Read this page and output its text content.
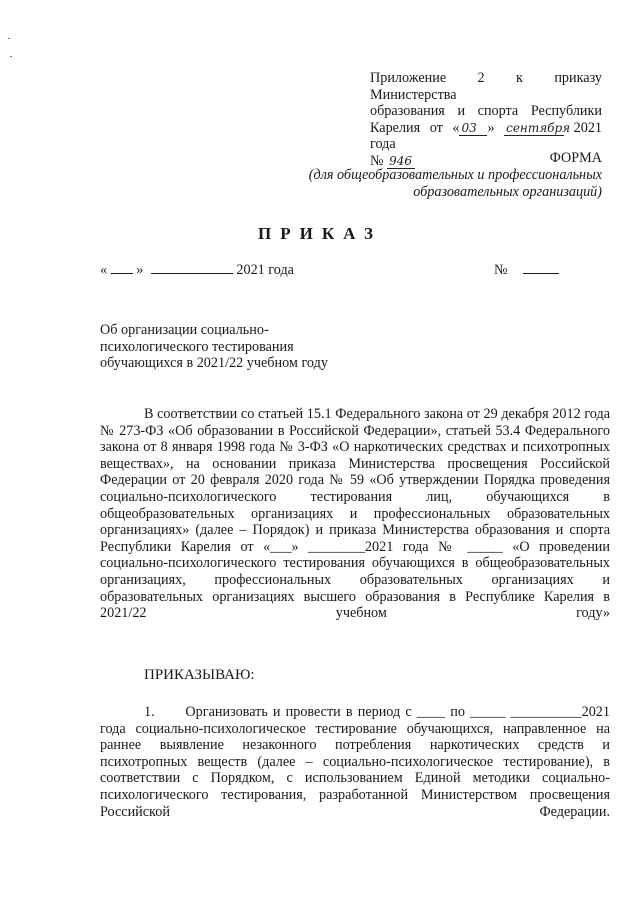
Приложение 2 к приказу Министерства
образования и спорта Республики
Карелия от « 03 » сентября 2021 года
№ 946	ФОРМА
(для общеобразовательных и профессиональных образовательных организаций)
ПРИКАЗ
« »	2021 года	№
Об организации социально-психологического тестирования обучающихся в 2021/22 учебном году
В соответствии со статьей 15.1 Федерального закона от 29 декабря 2012 года № 273-ФЗ «Об образовании в Российской Федерации», статьей 53.4 Федерального закона от 8 января 1998 года № 3-ФЗ «О наркотических средствах и психотропных веществах», на основании приказа Министерства просвещения Российской Федерации от 20 февраля 2020 года № 59 «Об утверждении Порядка проведения социально-психологического тестирования лиц, обучающихся в общеобразовательных организациях и профессиональных образовательных организациях» (далее – Порядок) и приказа Министерства образования и спорта Республики Карелия от «___» ________2021 года № _____ «О проведении социально-психологического тестирования обучающихся в общеобразовательных организациях, профессиональных образовательных организациях и образовательных организациях высшего образования в Республике Карелия в 2021/22 учебном году»
ПРИКАЗЫВАЮ:
1. Организовать и провести в период с ____ по _____ __________2021 года социально-психологическое тестирование обучающихся, направленное на раннее выявление незаконного потребления наркотических средств и психотропных веществ (далее – социально-психологическое тестирование), в соответствии с Порядком, с использованием Единой методики социально-психологического тестирования, разработанной Министерством просвещения Российской Федерации.
